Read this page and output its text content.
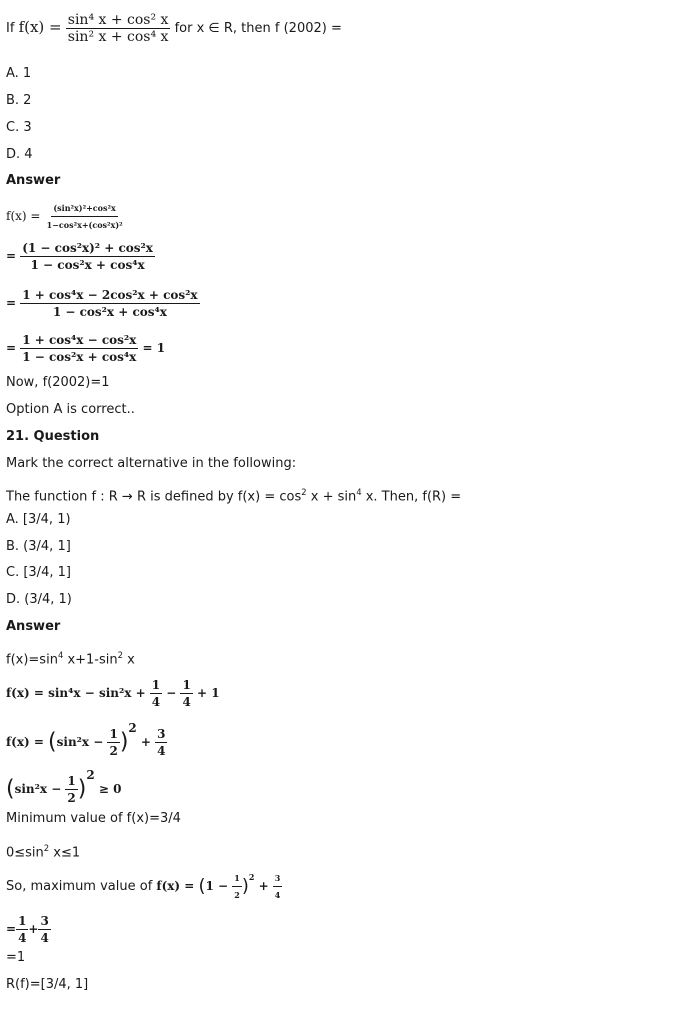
If $f(x) = \frac{\text{sin⁴ x + cos² x}}{\text{sin² x + cos⁴ x}}$ for x ∈ R, then f (2002) =
A. 1
B. 2
C. 3
D. 4
Answer
$f(x) = \frac{\text{(sin²x)²+cos²x}}{\text{1−cos²x+(cos²x)²}}$
= $\frac{\text{(1 − cos²x)² + cos²x}}{\text{1 − cos²x + cos⁴x}}$
= $\frac{\text{1 + cos⁴x − 2cos²x + cos²x}}{\text{1 − cos²x + cos⁴x}}$
= $\frac{\text{1 + cos⁴x − cos²x}}{\text{1 − cos²x + cos⁴x}} = 1$
Now, f(2002)=1
Option A is correct..
21. Question
Mark the correct alternative in the following:
The function f : R → R is defined by $f(x) = \cos^2 x + \sin^4 x$. Then, f(R) =
A. [3/4, 1)
B. (3/4, 1]
C. [3/4, 1]
D. (3/4, 1)
Answer
$f(x)=\sin^4$ $x+1-\sin^2$ x
$f(x) = \sin^4x - \sin^2x + \frac{1}{4} - \frac{1}{4} + 1$
$f(x) = (\sin^2x - \frac{1}{2} )^2 + \frac{3}{4}$
$(\sin^2x - \frac{1}{2} )^2 \ge 0$
Minimum value of f(x)=3/4
$0\le\sin^2$ x≤1
So, maximum value of $f(x) = (1 - \frac{1}{2} )^2 + \frac{3}{4}$
= $\frac{1}{4} + \frac{3}{4}$
=1
R(f)=[3/4, 1]
